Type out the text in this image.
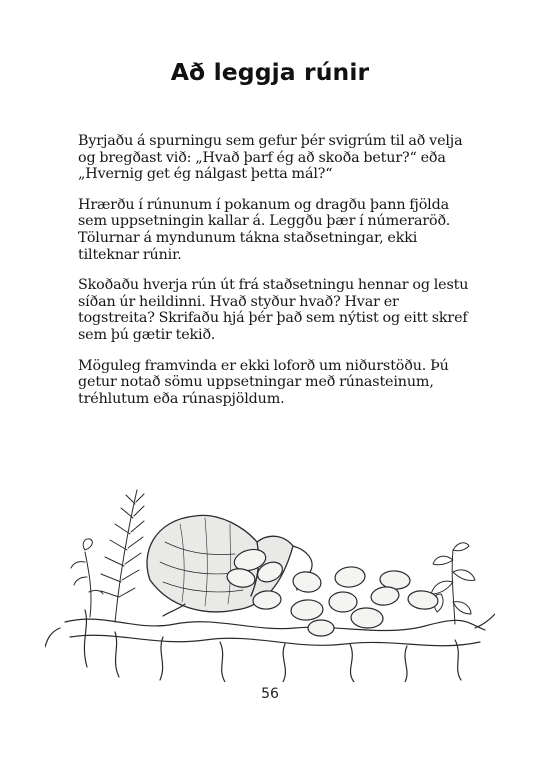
Að leggja rúnir

Byrjaðu á spurningu sem gefur þér svigrúm til að velja og bregðast við: „Hvað þarf ég að skoða betur?“ eða „Hvernig get ég nálgast þetta mál?“

Hrærðu í rúnunum í pokanum og dragðu þann fjölda sem uppsetningin kallar á. Leggðu þær í númeraröð. Tölurnar á myndunum tákna staðsetningar, ekki tilteknar rúnir.

Skoðaðu hverja rún út frá staðsetningu hennar og lestu síðan úr heildinni. Hvað styður hvað? Hvar er togstreita? Skrifaðu hjá þér það sem nýtist og eitt skref sem þú gætir tekið.

Möguleg framvinda er ekki loforð um niðurstöðu. Þú getur notað sömu uppsetningar með rúnasteinum, tréhlutum eða rúnaspjöldum.

56
